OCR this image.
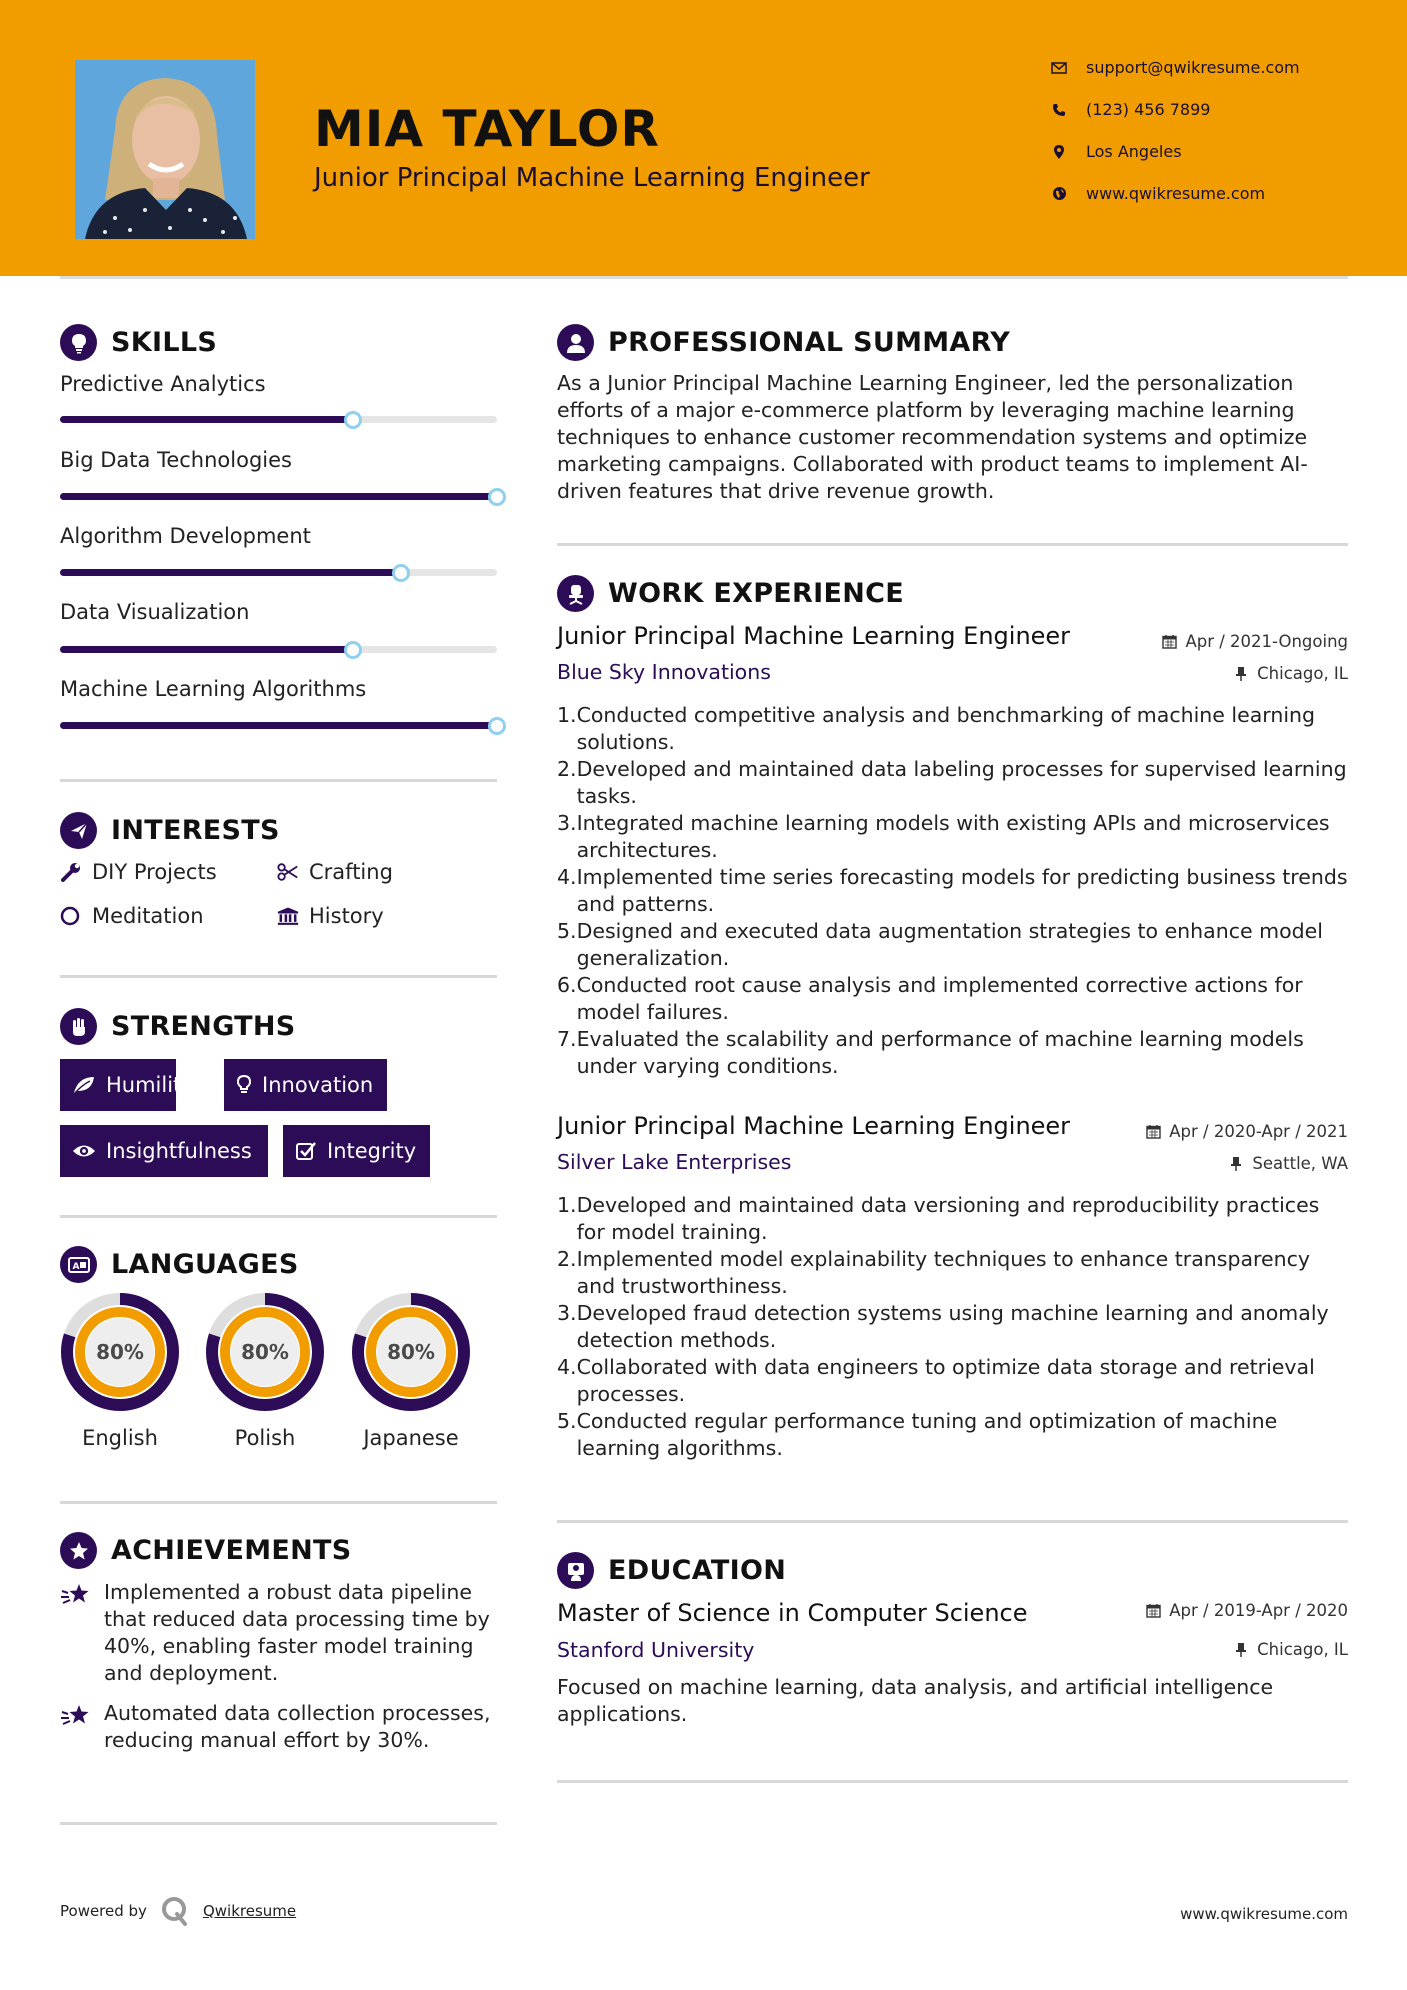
MIA TAYLOR
Junior Principal Machine Learning Engineer
support@qwikresume.com
(123) 456 7899
Los Angeles
www.qwikresume.com
SKILLS
Predictive Analytics
Big Data Technologies
Algorithm Development
Data Visualization
Machine Learning Algorithms
INTERESTS
DIY Projects	Crafting
Meditation	History
STRENGTHS
Humility	Innovation
Insightfulness	Integrity
A LANGUAGES
80%
English
80%
Polish
80%
Japanese
ACHIEVEMENTS
Implemented a robust data pipeline that reduced data processing time by 40%, enabling faster model training and deployment.
Automated data collection processes, reducing manual effort by 30%.
PROFESSIONAL SUMMARY
As a Junior Principal Machine Learning Engineer, led the personalization efforts of a major e-commerce platform by leveraging machine learning techniques to enhance customer recommendation systems and optimize marketing campaigns. Collaborated with product teams to implement AI-driven features that drive revenue growth.
WORK EXPERIENCE
Junior Principal Machine Learning Engineer	Apr / 2021-Ongoing
Blue Sky Innovations	Chicago, IL
1. Conducted competitive analysis and benchmarking of machine learning solutions.
2. Developed and maintained data labeling processes for supervised learning tasks.
3. Integrated machine learning models with existing APIs and microservices architectures.
4. Implemented time series forecasting models for predicting business trends and patterns.
5. Designed and executed data augmentation strategies to enhance model generalization.
6. Conducted root cause analysis and implemented corrective actions for model failures.
7. Evaluated the scalability and performance of machine learning models under varying conditions.
Junior Principal Machine Learning Engineer	Apr / 2020-Apr / 2021
Silver Lake Enterprises	Seattle, WA
1. Developed and maintained data versioning and reproducibility practices for model training.
2. Implemented model explainability techniques to enhance transparency and trustworthiness.
3. Developed fraud detection systems using machine learning and anomaly detection methods.
4. Collaborated with data engineers to optimize data storage and retrieval processes.
5. Conducted regular performance tuning and optimization of machine learning algorithms.
EDUCATION
Master of Science in Computer Science	Apr / 2019-Apr / 2020
Stanford University	Chicago, IL
Focused on machine learning, data analysis, and artificial intelligence applications.
Powered by	Qwikresume	www.qwikresume.com
